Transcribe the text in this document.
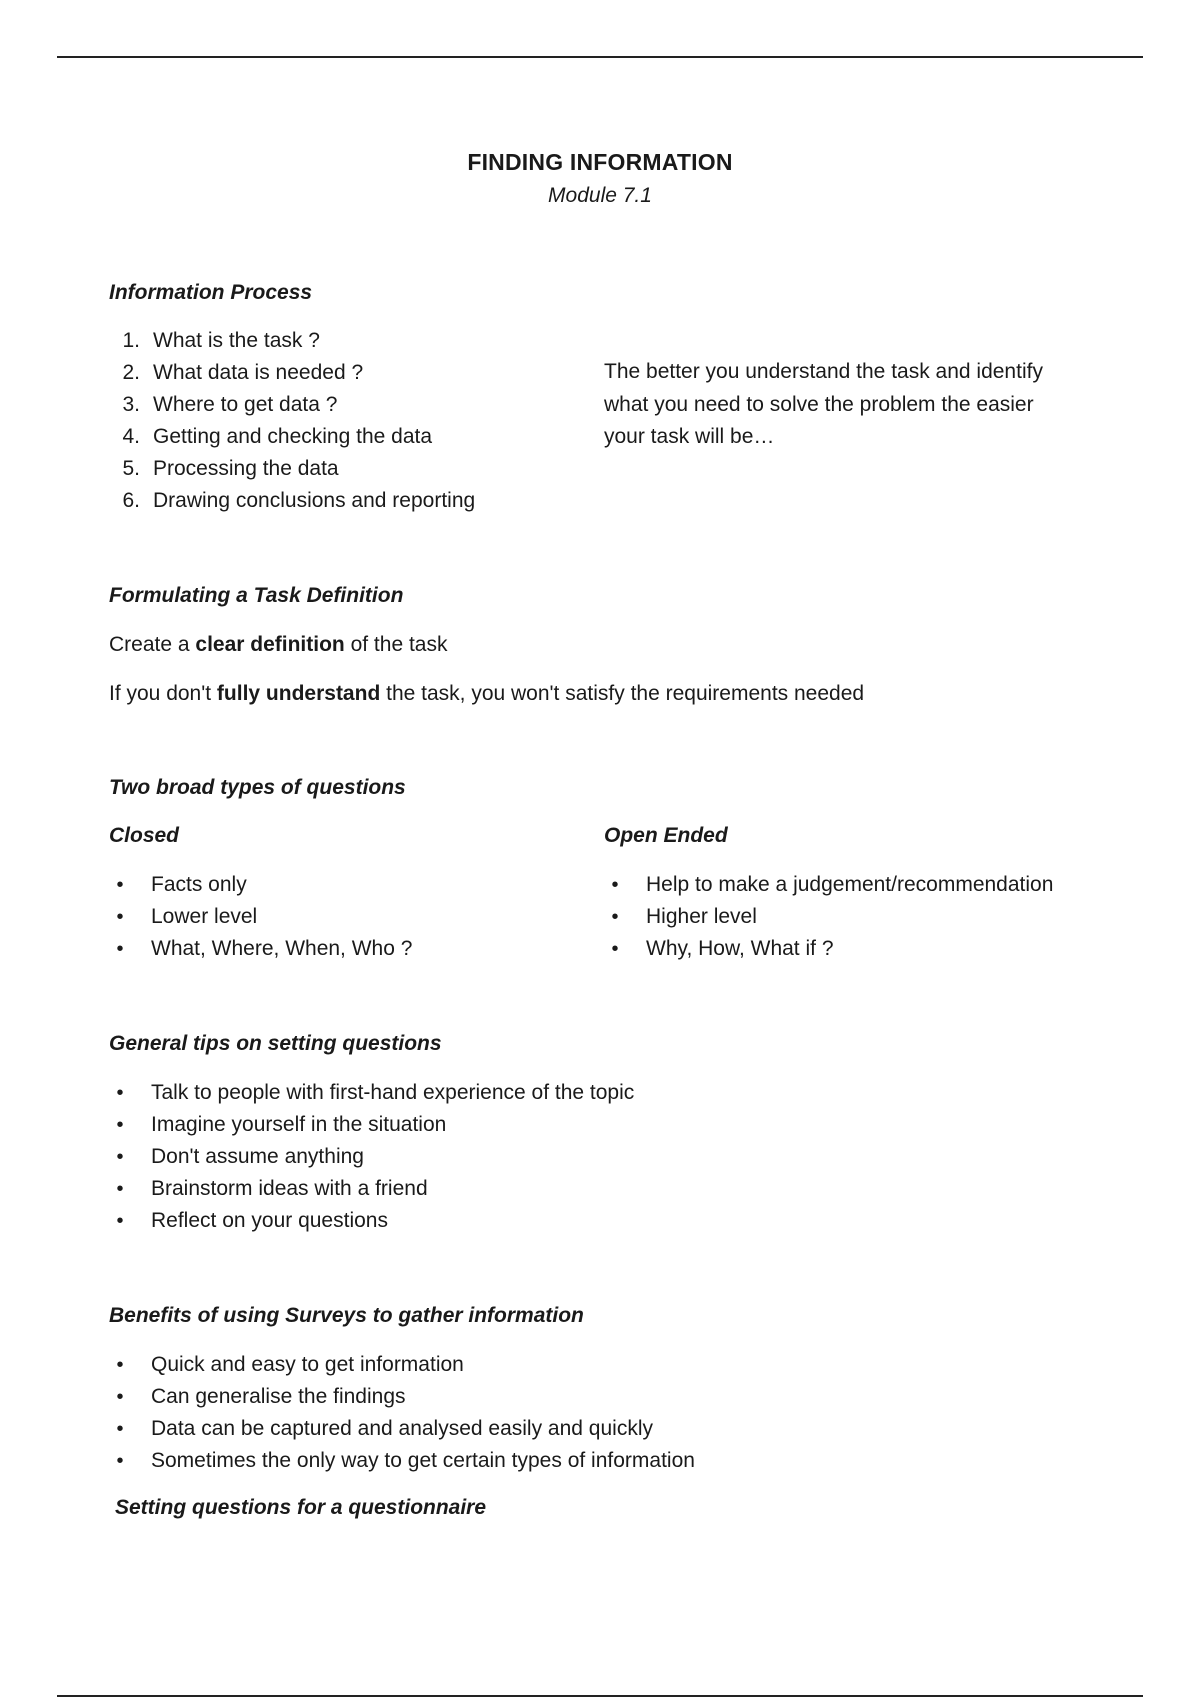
FINDING INFORMATION
Module 7.1
Information Process
1. What is the task ?
2. What data is needed ?
3. Where to get data ?
4. Getting and checking the data
5. Processing the data
6. Drawing conclusions and reporting
The better you understand the task and identify
what you need to solve the problem the easier
your task will be…
Formulating a Task Definition

Create a clear definition of the task

If you don't fully understand the task, you won't satisfy the requirements needed

Two broad types of questions
Closed	Open Ended
•	Facts only
•	Lower level
•	What, Where, When, Who ?
•	Help to make a judgement/recommendation
•	Higher level
•	Why, How, What if ?
General tips on setting questions
•	Talk to people with first-hand experience of the topic
•	Imagine yourself in the situation
•	Don't assume anything
•	Brainstorm ideas with a friend
•	Reflect on your questions
Benefits of using Surveys to gather information
•	Quick and easy to get information
•	Can generalise the findings
•	Data can be captured and analysed easily and quickly
•	Sometimes the only way to get certain types of information
Setting questions for a questionnaire
